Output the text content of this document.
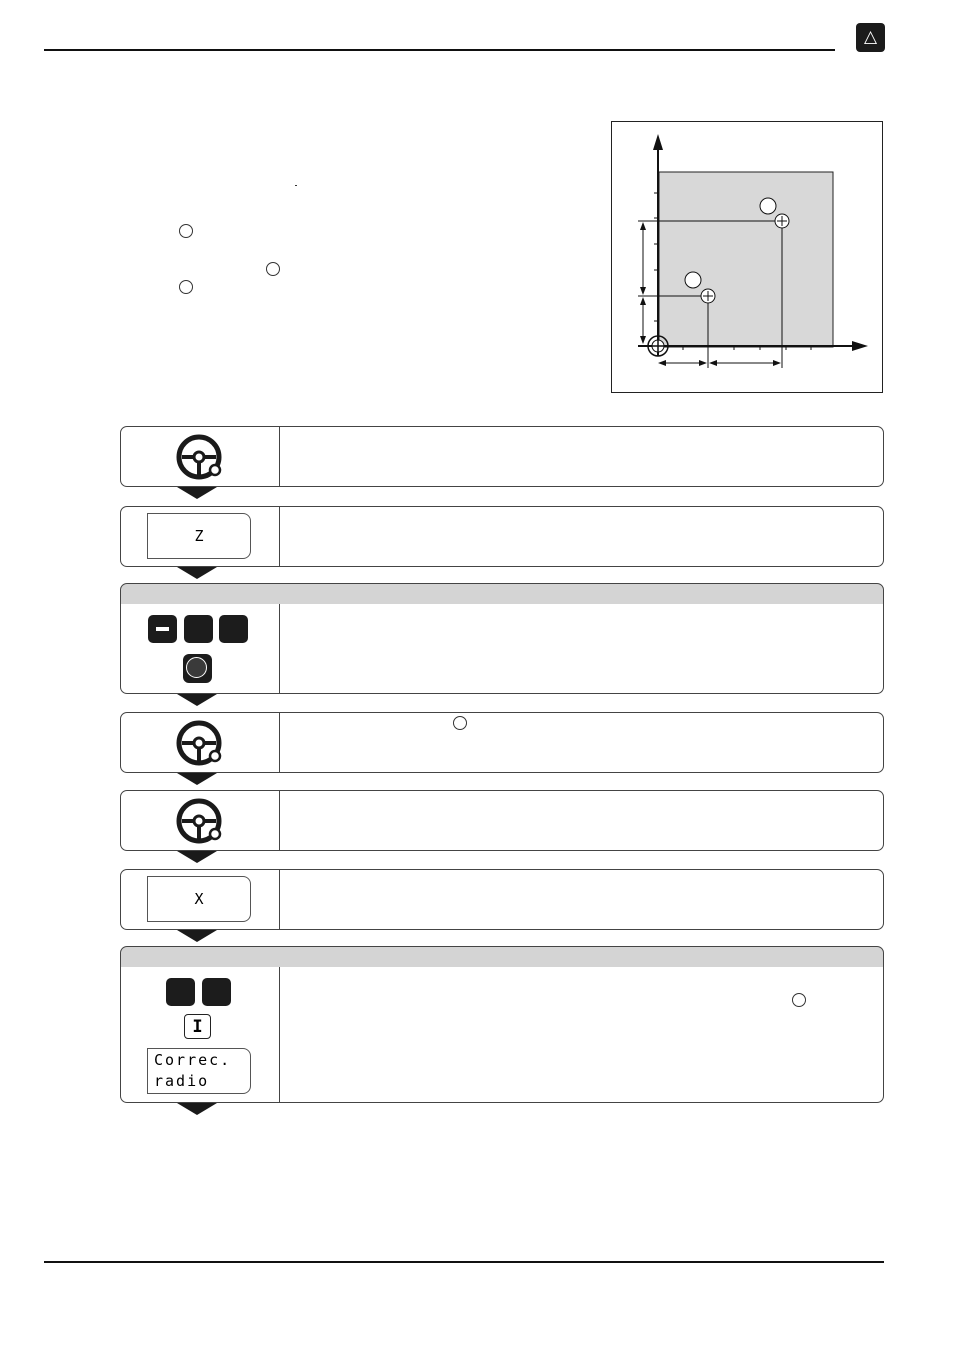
△
Z
X
I
Correc.
radio
